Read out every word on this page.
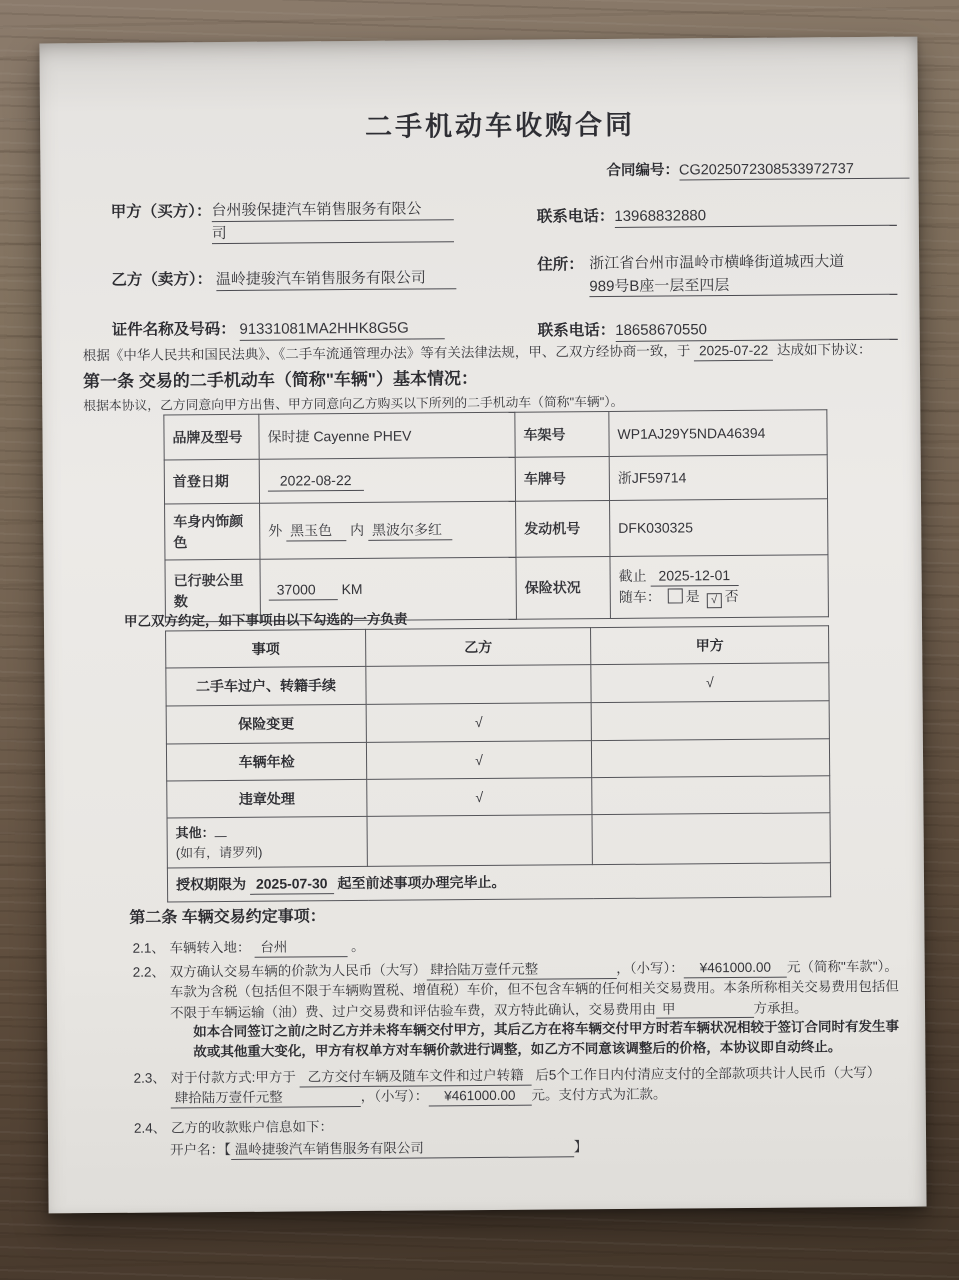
二手机动车收购合同
合同编号：CG2025072308533972737
甲方（买方）： 台州骏保捷汽车销售服务有限公 司
联系电话：13968832880
乙方（卖方）： 温岭捷骏汽车销售服务有限公司
住所： 浙江省台州市温岭市横峰街道城西大道
989号B座一层至四层
证件名称及号码： 91331081MA2HHK8G5G	联系电话：18658670550
根据《中华人民共和国民法典》、《二手车流通管理办法》等有关法律法规，甲、乙双方经协商一致，于 2025-07-22 达成如下协议：
第一条 交易的二手机动车（简称"车辆"）基本情况：
根据本协议，乙方同意向甲方出售、甲方同意向乙方购买以下所列的二手机动车（简称"车辆"）。
品牌及型号	保时捷 Cayenne PHEV	车架号	WP1AJ29Y5NDA46394
首登日期	2022-08-22	车牌号	浙JF59714
车身内饰颜色	外 黑玉色 内 黑波尔多红	发动机号	DFK030325
已行驶公里数	37000 KM	保险状况	截止 2025-12-01
随车： 是 √ 否
甲乙双方约定，如下事项由以下勾选的一方负责
事项	乙方	甲方
二手车过户、转籍手续		√
保险变更	√	
车辆年检	√	
违章处理	√	
其他：
(如有，请罗列)		
授权期限为 2025-07-30 起至前述事项办理完毕止。		
第二条 车辆交易约定事项：
2.1、 车辆转入地： 台州	。
2.2、 双方确认交易车辆的价款为人民币（大写） 肆拾陆万壹仟元整	，（小写）： ¥461000.00 元（简称"车款"）。车款为含税（包括但不限于车辆购置税、增值税）车价，但不包含车辆的任何相关交易费用。本条所称相关交易费用包括但不限于车辆运输（油）费、过户交易费和评估验车费，双方特此确认，交易费用由 甲	方承担。
如本合同签订之前/之时乙方并未将车辆交付甲方，其后乙方在将车辆交付甲方时若车辆状况相较于签订合同时有发生事故或其他重大变化，甲方有权单方对车辆价款进行调整，如乙方不同意该调整后的价格，本协议即自动终止。
2.3、 对于付款方式:甲方于 乙方交付车辆及随车文件和过户转籍 后5个工作日内付清应支付的全部款项共计人民币（大写）肆拾陆万壹仟元整	，（小写）： ¥461000.00 元。支付方式为汇款。
2.4、 乙方的收款账户信息如下：
开户名：【 温岭捷骏汽车销售服务有限公司	】
